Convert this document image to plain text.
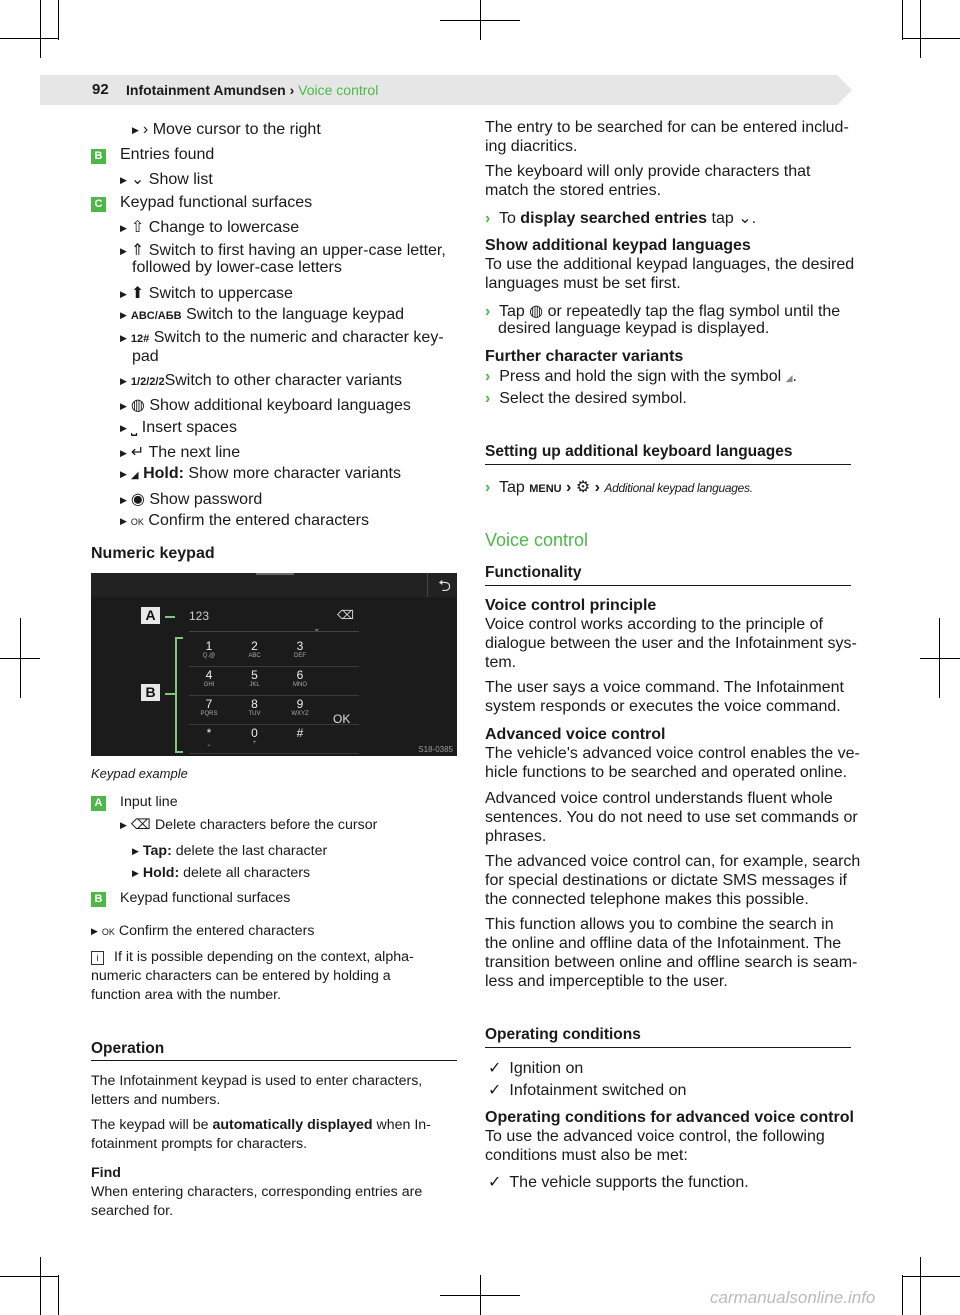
92 Infotainment Amundsen › Voice control
▶ › Move cursor to the right
B Entries found
▶ ⌄ Show list
C Keypad functional surfaces
▶ ⇧ Change to lowercase
▶ ⇑ Switch to first having an upper-case letter,
followed by lower-case letters
▶ ⬆ Switch to uppercase
▶ ABC/АБВ Switch to the language keypad
▶ 12# Switch to the numeric and character key-
pad
▶ 1/2/2/2Switch to other character variants
▶ ◍ Show additional keyboard languages
▶ ⎵ Insert spaces
▶ ↵ The next line
▶ ◢ Hold: Show more character variants
▶ ◉ Show password
▶ OK Confirm the entered characters
Numeric keypad
⮌
A
B
123	⌫
⌄
1
Q.@
2
ABC
3
DEF
4
GHI
5
JKL
6
MNO
7
PQRS
8
TUV
9
WXYZ
*
⎵
0
+
#
OK
S18-0385
Keypad example
A Input line
▶ ⌫ Delete characters before the cursor
▶ Tap: delete the last character
▶ Hold: delete all characters
B Keypad functional surfaces
▶ OK Confirm the entered characters
i If it is possible depending on the context, alpha-
numeric characters can be entered by holding a
function area with the number.
Operation
The Infotainment keypad is used to enter characters,
letters and numbers.
The keypad will be automatically displayed when In-
fotainment prompts for characters.
Find
When entering characters, corresponding entries are
searched for.
The entry to be searched for can be entered includ-
ing diacritics.
The keyboard will only provide characters that
match the stored entries.
› To display searched entries tap ⌄.
Show additional keypad languages
To use the additional keypad languages, the desired
languages must be set first.
› Tap ◍ or repeatedly tap the flag symbol until the
desired language keypad is displayed.
Further character variants
› Press and hold the sign with the symbol ◢.
› Select the desired symbol.
Setting up additional keyboard languages
› Tap MENU › ⚙ › Additional keypad languages.
Voice control
Functionality
Voice control principle
Voice control works according to the principle of
dialogue between the user and the Infotainment sys-
tem.
The user says a voice command. The Infotainment
system responds or executes the voice command.
Advanced voice control
The vehicle's advanced voice control enables the ve-
hicle functions to be searched and operated online.
Advanced voice control understands fluent whole
sentences. You do not need to use set commands or
phrases.
The advanced voice control can, for example, search
for special destinations or dictate SMS messages if
the connected telephone makes this possible.
This function allows you to combine the search in
the online and offline data of the Infotainment. The
transition between online and offline search is seam-
less and imperceptible to the user.
Operating conditions
✓ Ignition on
✓ Infotainment switched on
Operating conditions for advanced voice control
To use the advanced voice control, the following
conditions must also be met:
✓ The vehicle supports the function.
carmanualsonline.info
